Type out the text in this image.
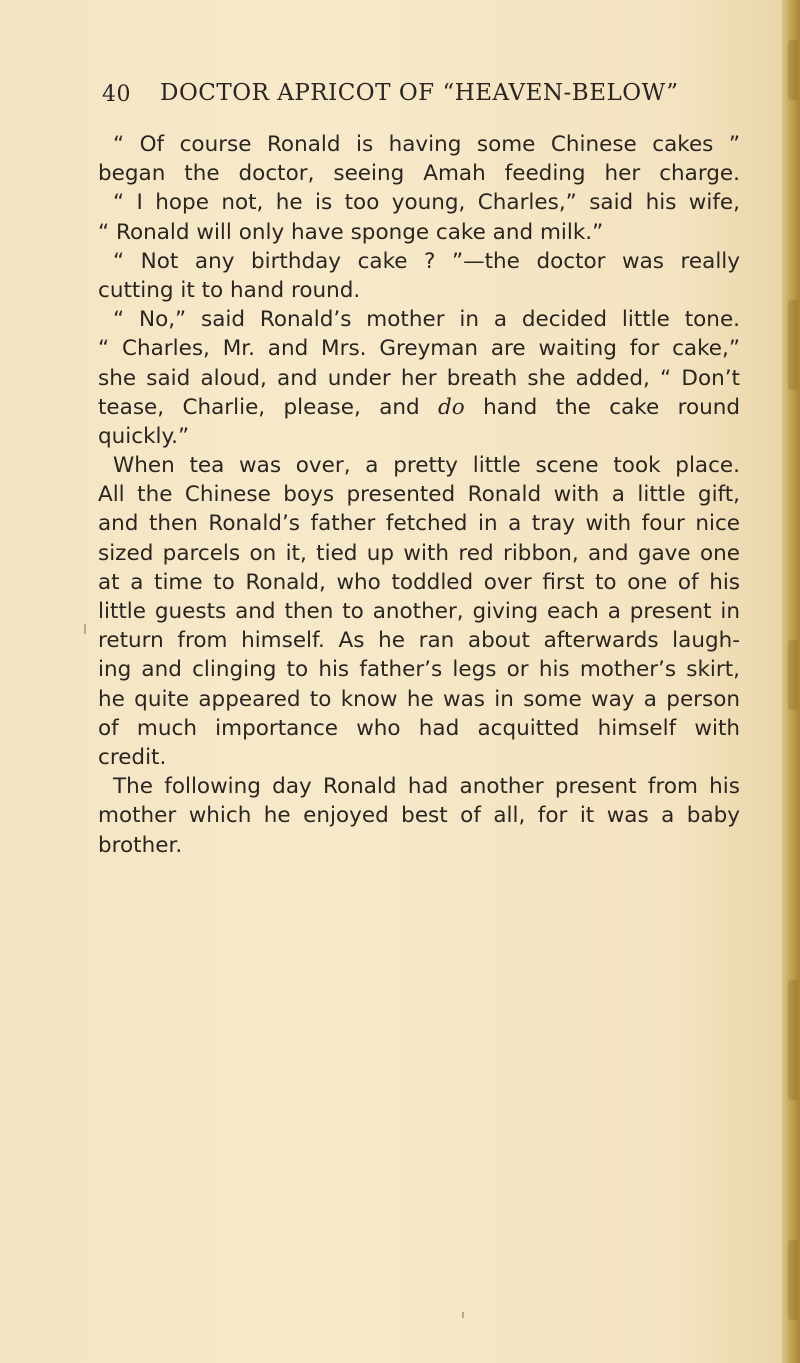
40 DOCTOR APRICOT OF “HEAVEN-BELOW”
“ Of course Ronald is having some Chinese cakes ”
began the doctor, seeing Amah feeding her charge.
“ I hope not, he is too young, Charles,” said his wife,
“ Ronald will only have sponge cake and milk.”
“ Not any birthday cake ? ”—the doctor was really
cutting it to hand round.
“ No,” said Ronald’s mother in a decided little tone.
“ Charles, Mr. and Mrs. Greyman are waiting for cake,”
she said aloud, and under her breath she added, “ Don’t
tease, Charlie, please, and do hand the cake round
quickly.”
When tea was over, a pretty little scene took place.
All the Chinese boys presented Ronald with a little gift,
and then Ronald’s father fetched in a tray with four nice
sized parcels on it, tied up with red ribbon, and gave one
at a time to Ronald, who toddled over first to one of his
little guests and then to another, giving each a present in
return from himself. As he ran about afterwards laugh-
ing and clinging to his father’s legs or his mother’s skirt,
he quite appeared to know he was in some way a person
of much importance who had acquitted himself with
credit.
The following day Ronald had another present from his
mother which he enjoyed best of all, for it was a baby
brother.
